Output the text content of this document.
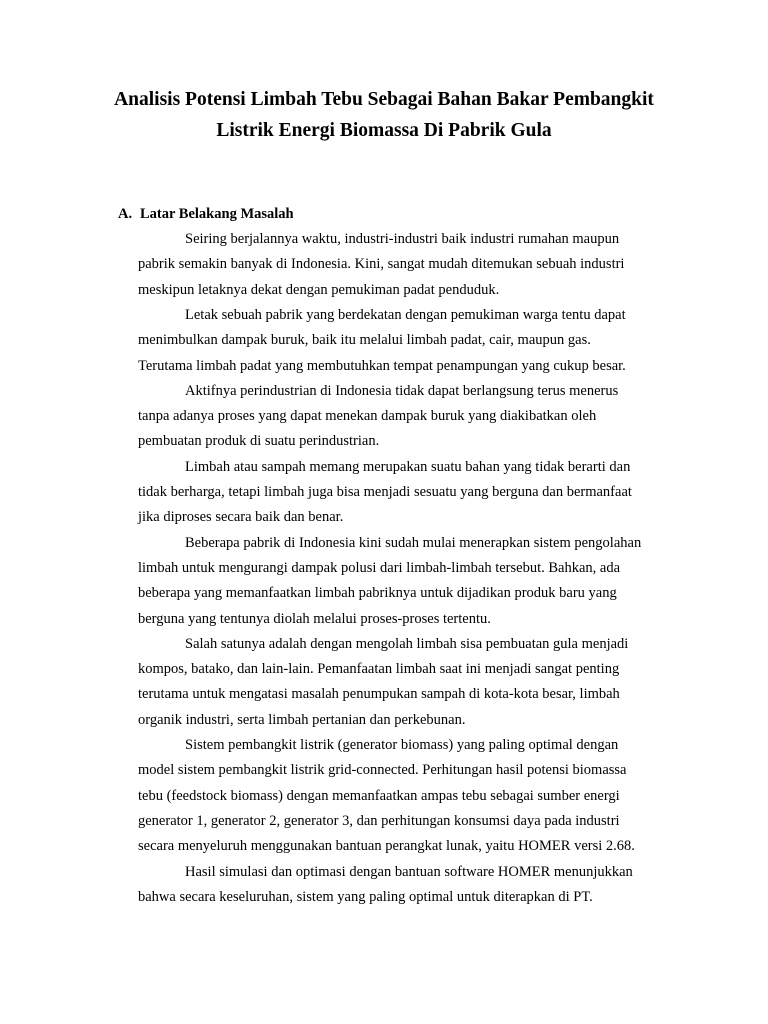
Analisis Potensi Limbah Tebu Sebagai Bahan Bakar Pembangkit
Listrik Energi Biomassa Di Pabrik Gula
A. Latar Belakang Masalah
Seiring berjalannya waktu, industri-industri baik industri rumahan maupun
pabrik semakin banyak di Indonesia. Kini, sangat mudah ditemukan sebuah industri
meskipun letaknya dekat dengan pemukiman padat penduduk.
Letak sebuah pabrik yang berdekatan dengan pemukiman warga tentu dapat
menimbulkan dampak buruk, baik itu melalui limbah padat, cair, maupun gas.
Terutama limbah padat yang membutuhkan tempat penampungan yang cukup besar.
Aktifnya perindustrian di Indonesia tidak dapat berlangsung terus menerus
tanpa adanya proses yang dapat menekan dampak buruk yang diakibatkan oleh
pembuatan produk di suatu perindustrian.
Limbah atau sampah memang merupakan suatu bahan yang tidak berarti dan
tidak berharga, tetapi limbah juga bisa menjadi sesuatu yang berguna dan bermanfaat
jika diproses secara baik dan benar.
Beberapa pabrik di Indonesia kini sudah mulai menerapkan sistem pengolahan
limbah untuk mengurangi dampak polusi dari limbah-limbah tersebut. Bahkan, ada
beberapa yang memanfaatkan limbah pabriknya untuk dijadikan produk baru yang
berguna yang tentunya diolah melalui proses-proses tertentu.
Salah satunya adalah dengan mengolah limbah sisa pembuatan gula menjadi
kompos, batako, dan lain-lain. Pemanfaatan limbah saat ini menjadi sangat penting
terutama untuk mengatasi masalah penumpukan sampah di kota-kota besar, limbah
organik industri, serta limbah pertanian dan perkebunan.
Sistem pembangkit listrik (generator biomass) yang paling optimal dengan
model sistem pembangkit listrik grid-connected. Perhitungan hasil potensi biomassa
tebu (feedstock biomass) dengan memanfaatkan ampas tebu sebagai sumber energi
generator 1, generator 2, generator 3, dan perhitungan konsumsi daya pada industri
secara menyeluruh menggunakan bantuan perangkat lunak, yaitu HOMER versi 2.68.
Hasil simulasi dan optimasi dengan bantuan software HOMER menunjukkan
bahwa secara keseluruhan, sistem yang paling optimal untuk diterapkan di PT.
